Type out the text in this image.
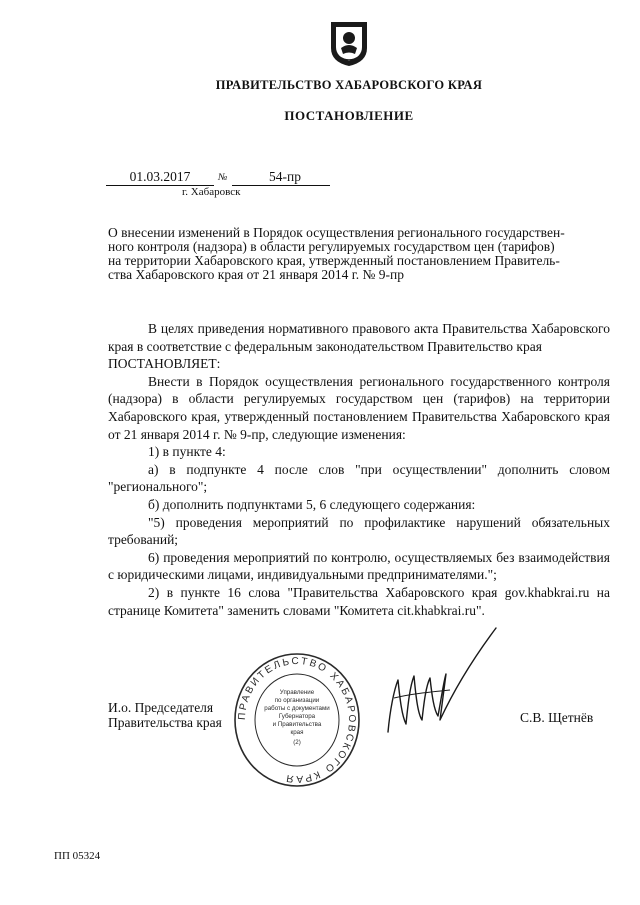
ПРАВИТЕЛЬСТВО ХАБАРОВСКОГО КРАЯ
ПОСТАНОВЛЕНИЕ
01.03.2017	№	54-пр
г. Хабаровск
О внесении изменений в Порядок осуществления регионального государствен-
ного контроля (надзора) в области регулируемых государством цен (тарифов)
на территории Хабаровского края, утвержденный постановлением Правитель-
ства Хабаровского края от 21 января 2014 г. № 9-пр

В целях приведения нормативного правового акта Правительства Хабаровского края в соответствие с федеральным законодательством Правительство края

ПОСТАНОВЛЯЕТ:

Внести в Порядок осуществления регионального государственного контроля (надзора) в области регулируемых государством цен (тарифов) на территории Хабаровского края, утвержденный постановлением Правительства Хабаровского края от 21 января 2014 г. № 9-пр, следующие изменения:

1) в пункте 4:

а) в подпункте 4 после слов "при осуществлении" дополнить словом "регионального";

б) дополнить подпунктами 5, 6 следующего содержания:

"5) проведения мероприятий по профилактике нарушений обязательных требований;

6) проведения мероприятий по контролю, осуществляемых без взаимодействия с юридическими лицами, индивидуальными предпринимателями.";

2) в пункте 16 слова "Правительства Хабаровского края gov.khabkrai.ru на странице Комитета" заменить словами "Комитета cit.khabkrai.ru".

ПРАВИТЕЛЬСТВО ХАБАРОВСКОГО КРАЯ
Управление
по организации
работы с документами
Губернатора
и Правительства
края
(2)
И.о. Председателя
Правительства края	С.В. Щетнёв
ПП 05324
